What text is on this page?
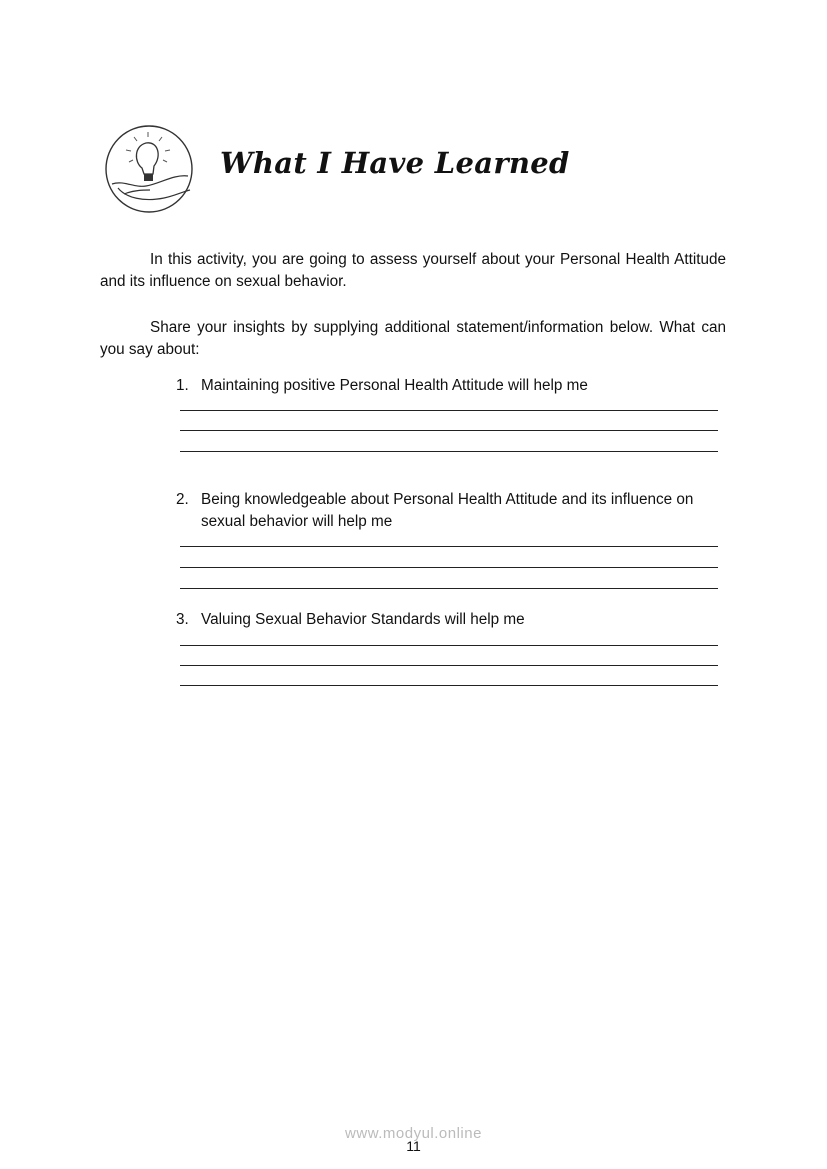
What I Have Learned
In this activity, you are going to assess yourself about your Personal Health Attitude and its influence on sexual behavior.
Share your insights by supplying additional statement/information below. What can you say about:
1. Maintaining positive Personal Health Attitude will help me
2. Being knowledgeable about Personal Health Attitude and its influence on sexual behavior will help me
3. Valuing Sexual Behavior Standards will help me
www.modyul.online
11
